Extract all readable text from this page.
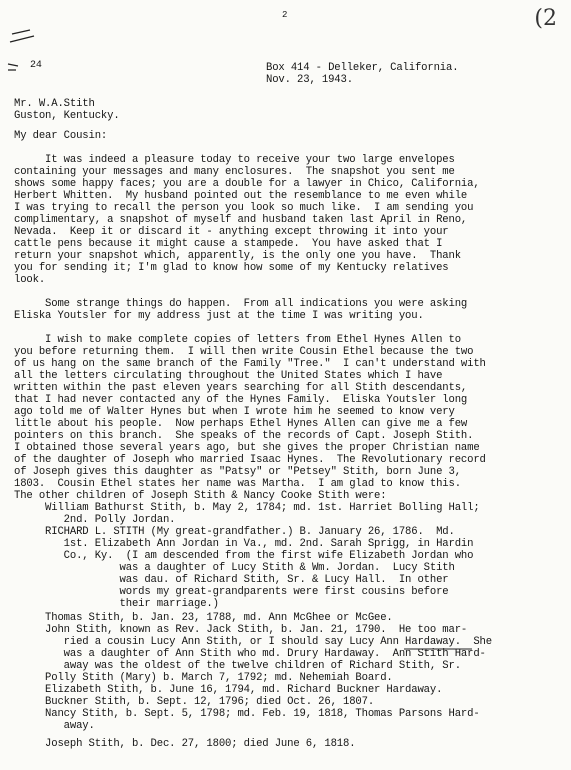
24
2	(2
Box 414 - Delleker, California.
Nov. 23, 1943.
Mr. W.A.Stith
Guston, Kentucky.
My dear Cousin:
It was indeed a pleasure today to receive your two large envelopes
containing your messages and many enclosures.  The snapshot you sent me
shows some happy faces; you are a double for a lawyer in Chico, California,
Herbert Whitten.  My husband pointed out the resemblance to me even while
I was trying to recall the person you look so much like.  I am sending you
complimentary, a snapshot of myself and husband taken last April in Reno,
Nevada.  Keep it or discard it - anything except throwing it into your
cattle pens because it might cause a stampede.  You have asked that I
return your snapshot which, apparently, is the only one you have.  Thank
you for sending it; I'm glad to know how some of my Kentucky relatives
look.
Some strange things do happen.  From all indications you were asking
Eliska Youtsler for my address just at the time I was writing you.
I wish to make complete copies of letters from Ethel Hynes Allen to
you before returning them.  I will then write Cousin Ethel because the two
of us hang on the same branch of the Family "Tree."  I can't understand with
all the letters circulating throughout the United States which I have
written within the past eleven years searching for all Stith descendants,
that I had never contacted any of the Hynes Family.  Eliska Youtsler long
ago told me of Walter Hynes but when I wrote him he seemed to know very
little about his people.  Now perhaps Ethel Hynes Allen can give me a few
pointers on this branch.  She speaks of the records of Capt. Joseph Stith.
I obtained those several years ago, but she gives the proper Christian name
of the daughter of Joseph who married Isaac Hynes.  The Revolutionary record
of Joseph gives this daughter as "Patsy" or "Petsey" Stith, born June 3,
1803.  Cousin Ethel states her name was Martha.  I am glad to know this.
The other children of Joseph Stith & Nancy Cooke Stith were:
William Bathurst Stith, b. May 2, 1784; md. 1st. Harriet Bolling Hall;
2nd. Polly Jordan.
RICHARD L. STITH (My great-grandfather.) B. January 26, 1786.  Md.
1st. Elizabeth Ann Jordan in Va., md. 2nd. Sarah Sprigg, in Hardin
Co., Ky.  (I am descended from the first wife Elizabeth Jordan who
was a daughter of Lucy Stith & Wm. Jordan.  Lucy Stith
was dau. of Richard Stith, Sr. & Lucy Hall.  In other
words my great-grandparents were first cousins before
their marriage.)
Thomas Stith, b. Jan. 23, 1788, md. Ann McGhee or McGee.
John Stith, known as Rev. Jack Stith, b. Jan. 21, 1790.  He too mar-
ried a cousin Lucy Ann Stith, or I should say Lucy Ann Hardaway.  She
was a daughter of Ann Stith who md. Drury Hardaway.  Ann Stith Hard-
away was the oldest of the twelve children of Richard Stith, Sr.
Polly Stith (Mary) b. March 7, 1792; md. Nehemiah Board.
Elizabeth Stith, b. June 16, 1794, md. Richard Buckner Hardaway.
Buckner Stith, b. Sept. 12, 1796; died Oct. 26, 1807.
Nancy Stith, b. Sept. 5, 1798; md. Feb. 19, 1818, Thomas Parsons Hard-
away.
Joseph Stith, b. Dec. 27, 1800; died June 6, 1818.
